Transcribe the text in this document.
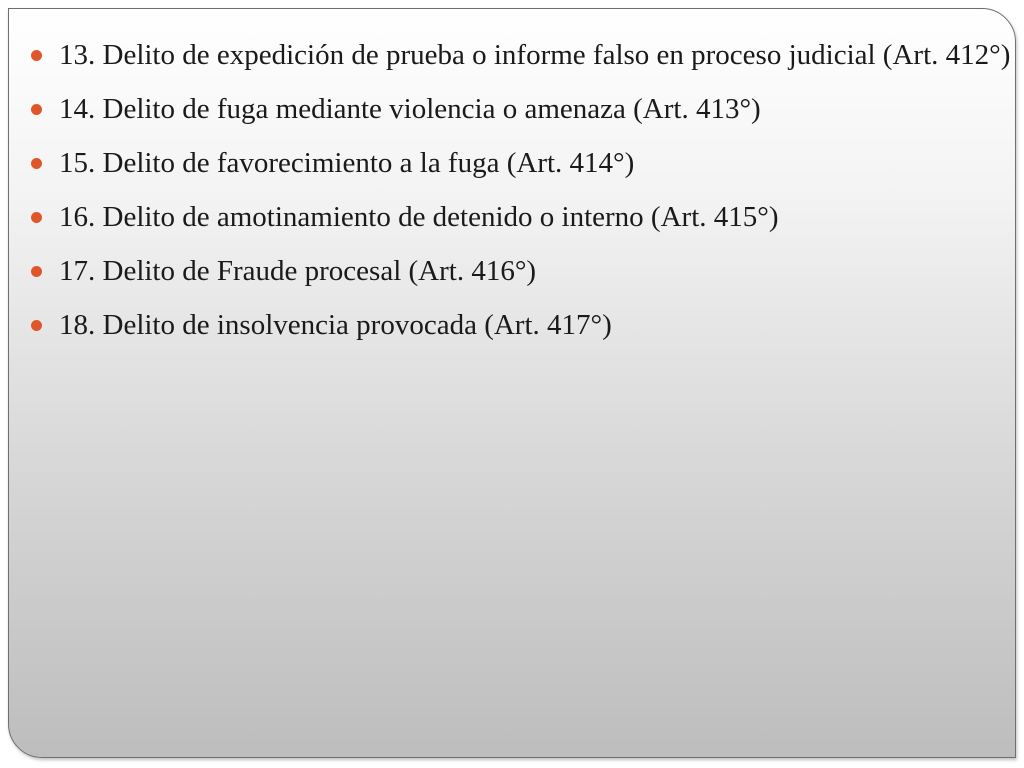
13. Delito de expedición de prueba o informe falso en proceso judicial (Art. 412°)
14. Delito de fuga mediante violencia o amenaza (Art. 413°)
15. Delito de favorecimiento a la fuga (Art. 414°)
16. Delito de amotinamiento de detenido o interno (Art. 415°)
17. Delito de Fraude procesal (Art. 416°)
18. Delito de insolvencia provocada (Art. 417°)
